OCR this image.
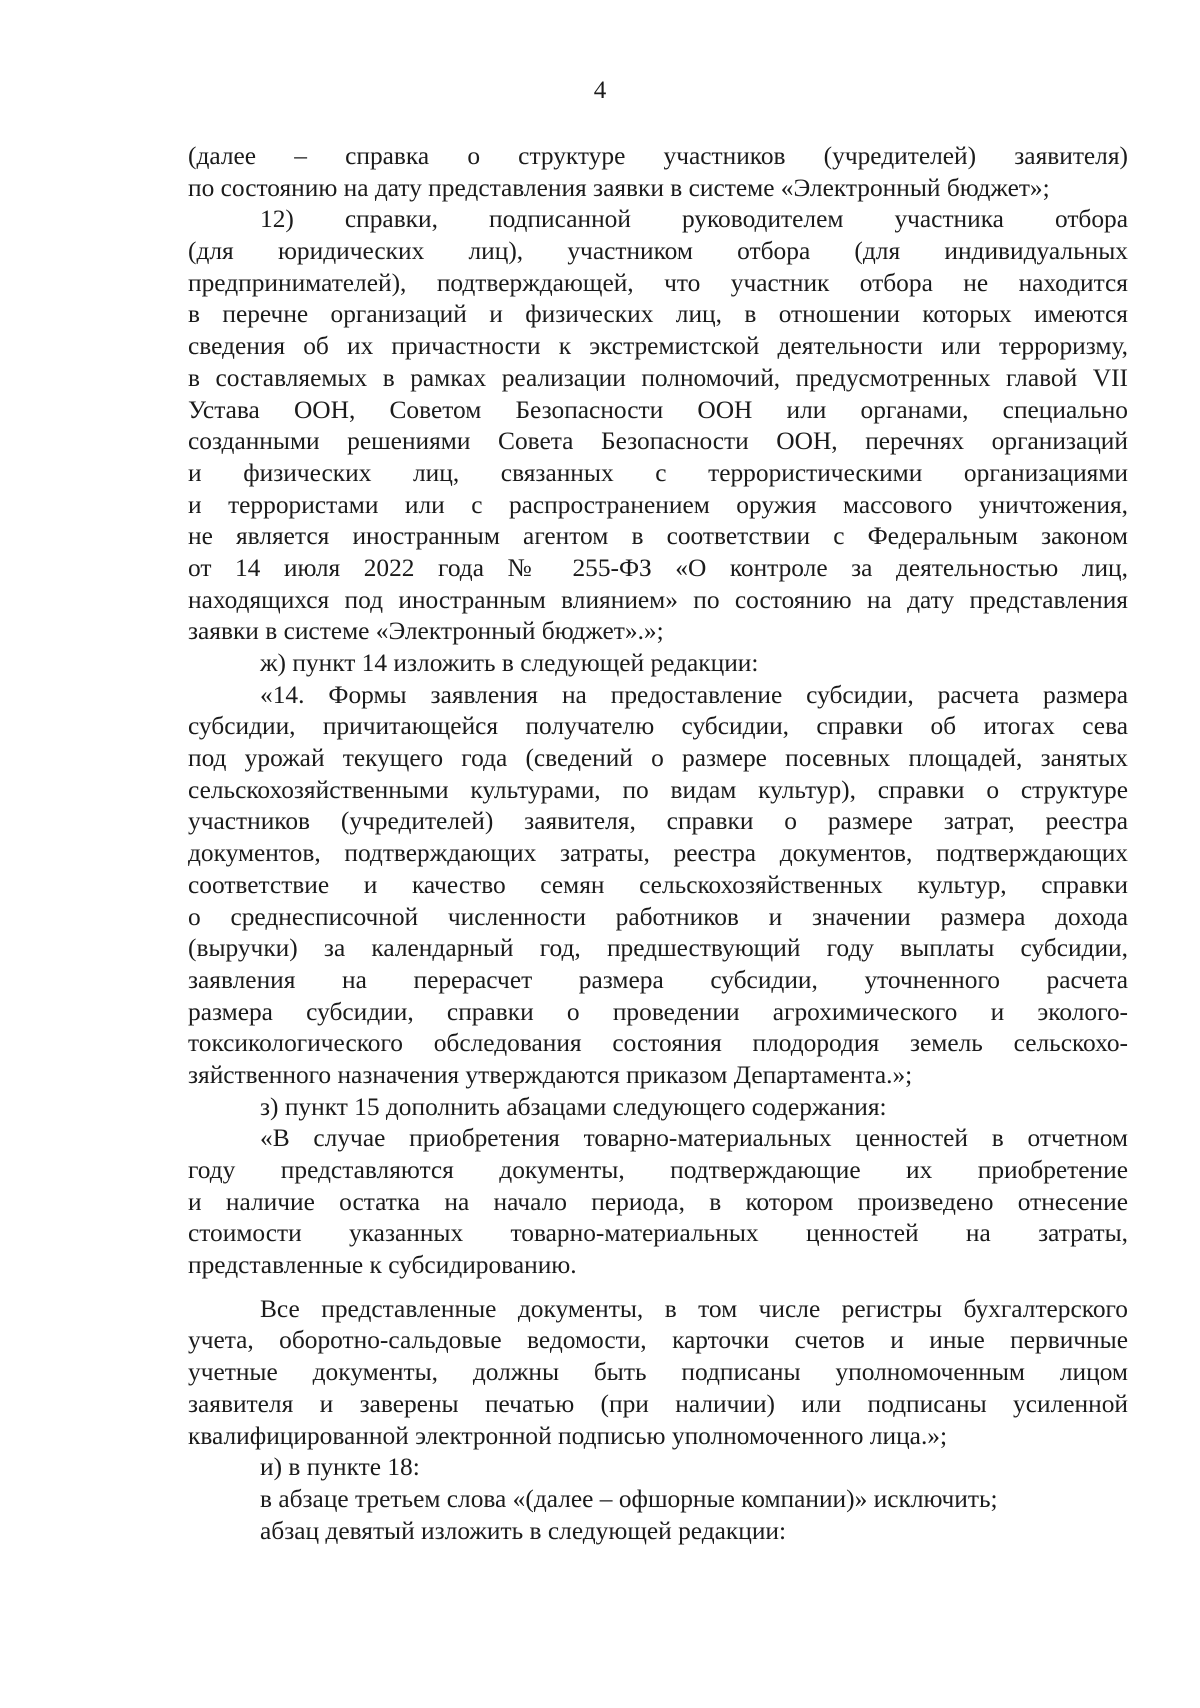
4
(далее – справка о структуре участников (учредителей) заявителя)
по состоянию на дату представления заявки в системе «Электронный бюджет»;
12) справки, подписанной руководителем участника отбора
(для юридических лиц), участником отбора (для индивидуальных
предпринимателей), подтверждающей, что участник отбора не находится
в перечне организаций и физических лиц, в отношении которых имеются
сведения об их причастности к экстремистской деятельности или терроризму,
в составляемых в рамках реализации полномочий, предусмотренных главой VII
Устава ООН, Советом Безопасности ООН или органами, специально
созданными решениями Совета Безопасности ООН, перечнях организаций
и физических лиц, связанных с террористическими организациями
и террористами или с распространением оружия массового уничтожения,
не является иностранным агентом в соответствии с Федеральным законом
от 14 июля 2022 года № 255-ФЗ «О контроле за деятельностью лиц,
находящихся под иностранным влиянием» по состоянию на дату представления
заявки в системе «Электронный бюджет».»;
ж) пункт 14 изложить в следующей редакции:
«14. Формы заявления на предоставление субсидии, расчета размера
субсидии, причитающейся получателю субсидии, справки об итогах сева
под урожай текущего года (сведений о размере посевных площадей, занятых
сельскохозяйственными культурами, по видам культур), справки о структуре
участников (учредителей) заявителя, справки о размере затрат, реестра
документов, подтверждающих затраты, реестра документов, подтверждающих
соответствие и качество семян сельскохозяйственных культур, справки
о среднесписочной численности работников и значении размера дохода
(выручки) за календарный год, предшествующий году выплаты субсидии,
заявления на перерасчет размера субсидии, уточненного расчета
размера субсидии, справки о проведении агрохимического и эколого-
токсикологического обследования состояния плодородия земель сельскохо-
зяйственного назначения утверждаются приказом Департамента.»;
з) пункт 15 дополнить абзацами следующего содержания:
«В случае приобретения товарно-материальных ценностей в отчетном
году представляются документы, подтверждающие их приобретение
и наличие остатка на начало периода, в котором произведено отнесение
стоимости указанных товарно-материальных ценностей на затраты,
представленные к субсидированию.
Все представленные документы, в том числе регистры бухгалтерского
учета, оборотно-сальдовые ведомости, карточки счетов и иные первичные
учетные документы, должны быть подписаны уполномоченным лицом
заявителя и заверены печатью (при наличии) или подписаны усиленной
квалифицированной электронной подписью уполномоченного лица.»;
и) в пункте 18:
в абзаце третьем слова «(далее – офшорные компании)» исключить;
абзац девятый изложить в следующей редакции:
